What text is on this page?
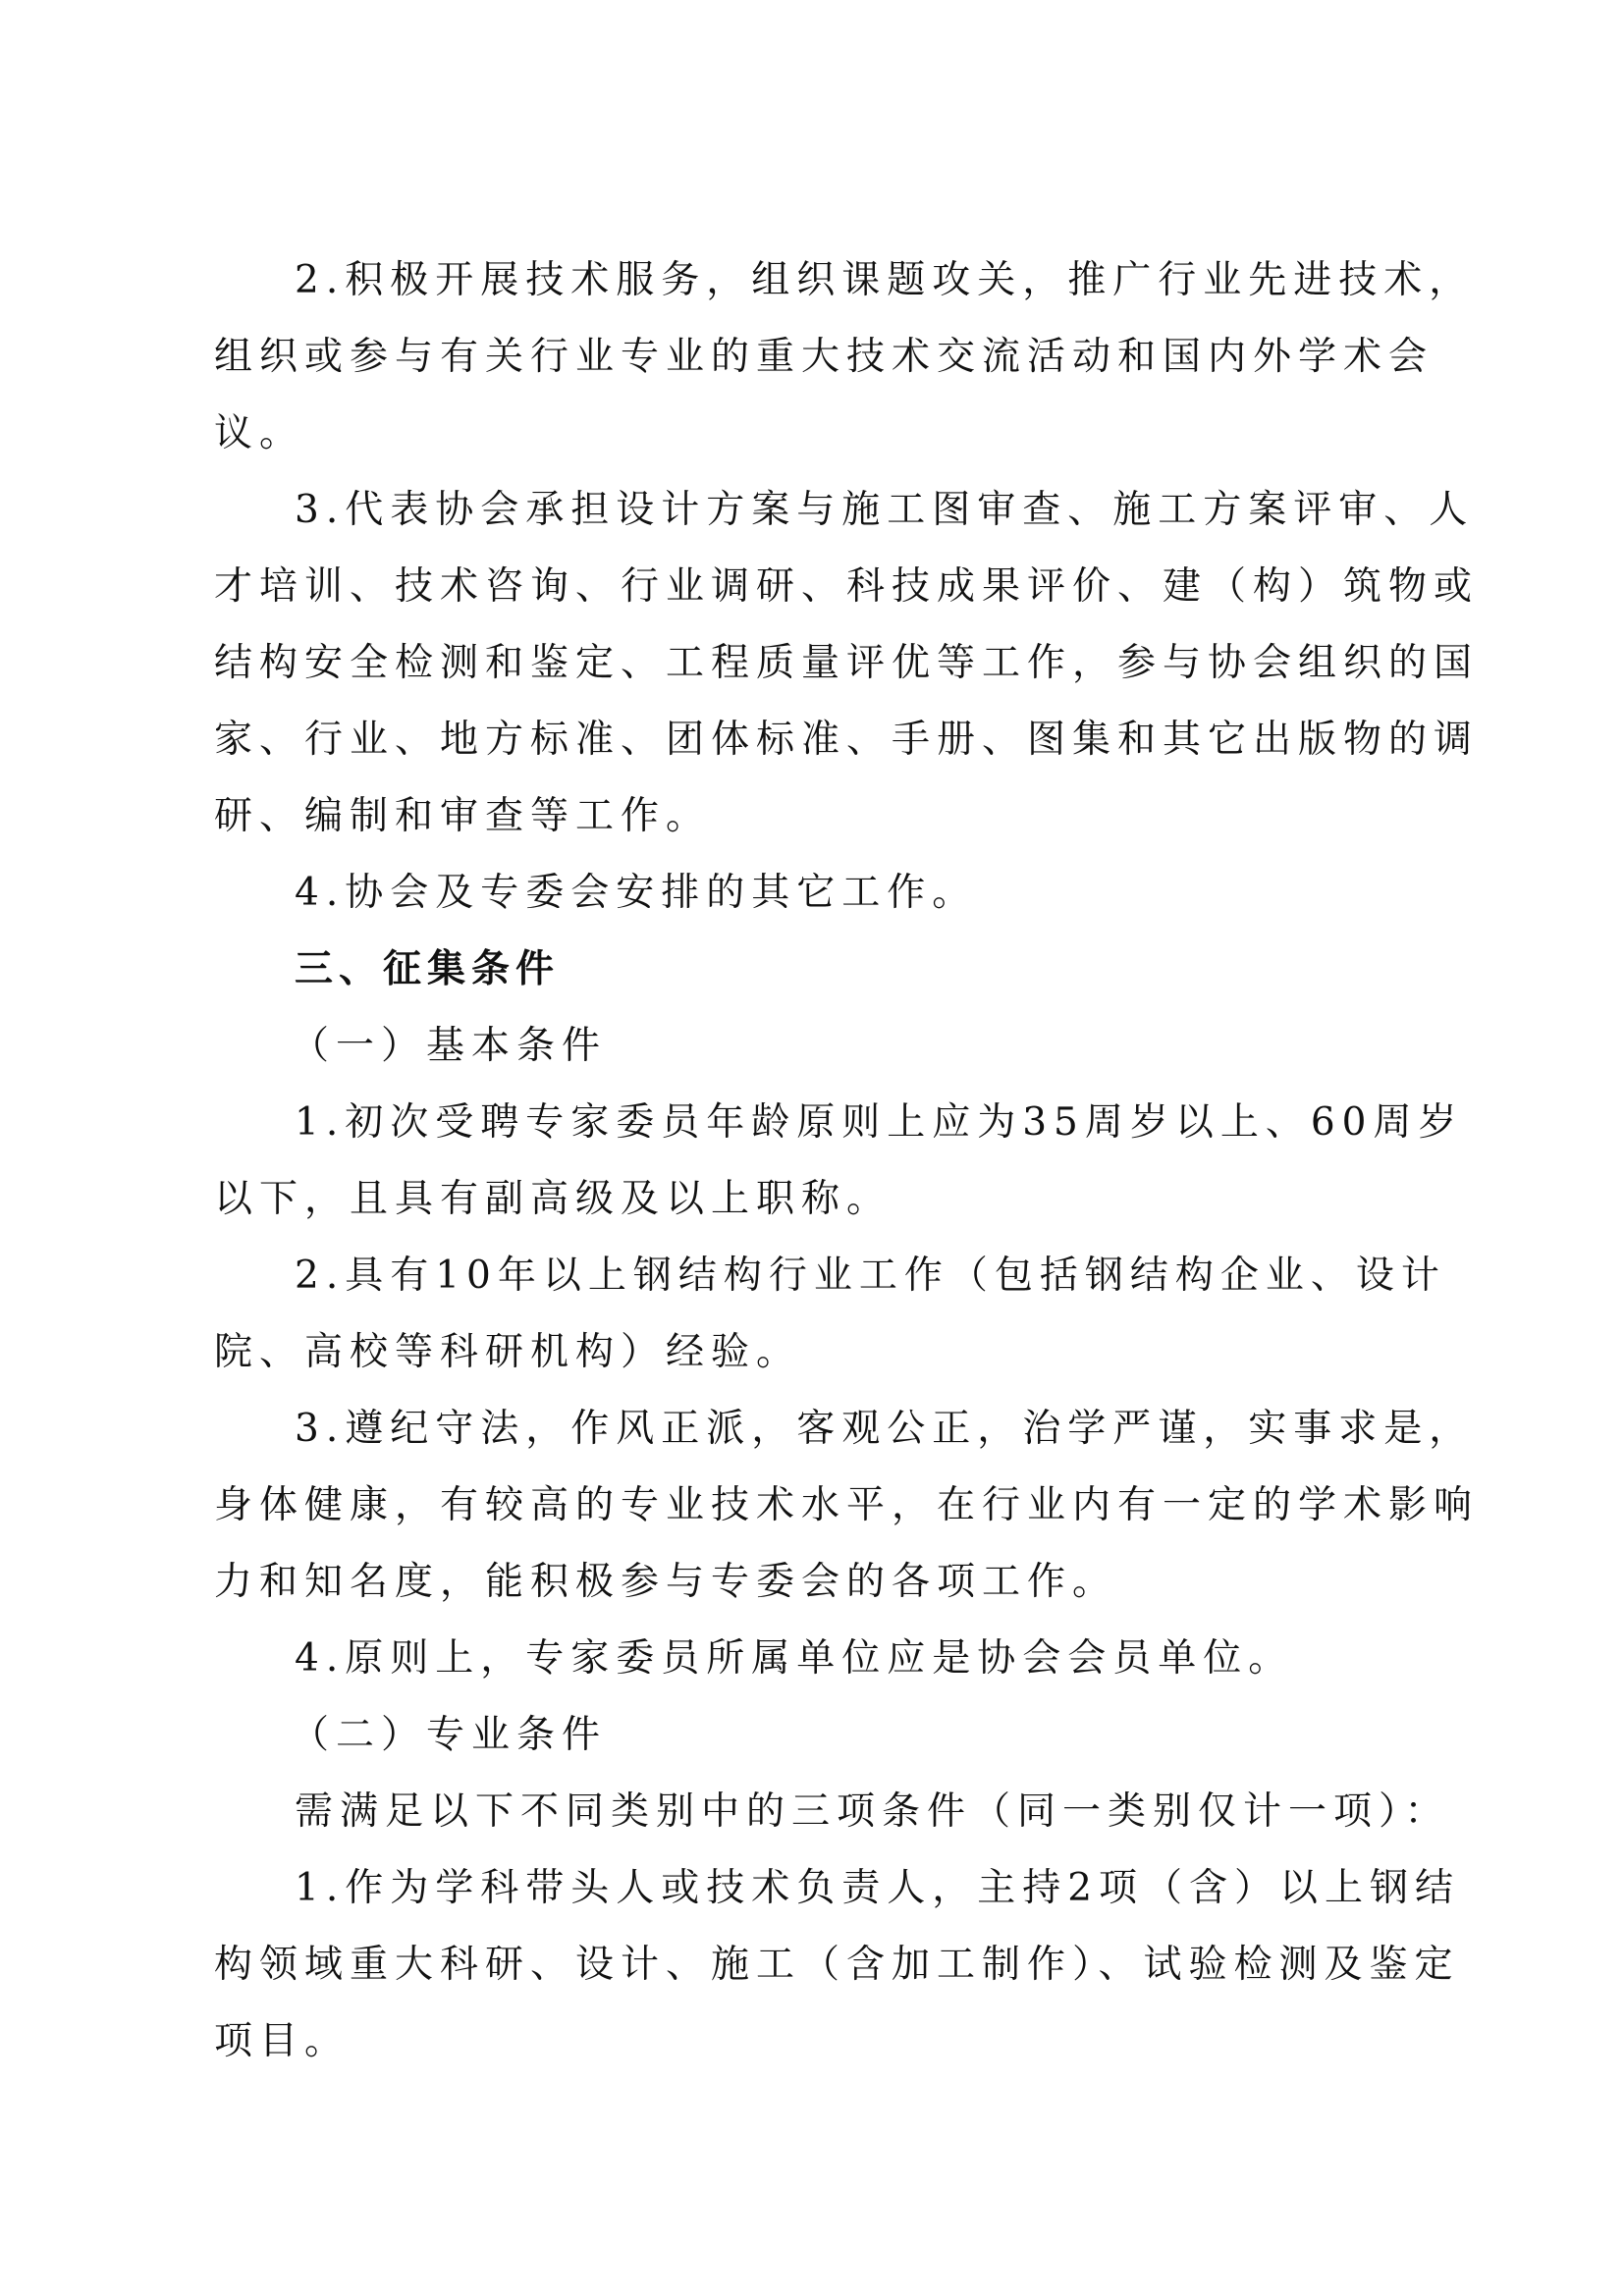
2.积极开展技术服务，组织课题攻关，推广行业先进技术，
组织或参与有关行业专业的重大技术交流活动和国内外学术会
议。
3.代表协会承担设计方案与施工图审查、施工方案评审、人
才培训、技术咨询、行业调研、科技成果评价、建（构）筑物或
结构安全检测和鉴定、工程质量评优等工作，参与协会组织的国
家、行业、地方标准、团体标准、手册、图集和其它出版物的调
研、编制和审查等工作。
4.协会及专委会安排的其它工作。
三、征集条件
（一）基本条件
1.初次受聘专家委员年龄原则上应为35周岁以上、60周岁
以下，且具有副高级及以上职称。
2.具有10年以上钢结构行业工作（包括钢结构企业、设计
院、高校等科研机构）经验。
3.遵纪守法，作风正派，客观公正，治学严谨，实事求是，
身体健康，有较高的专业技术水平，在行业内有一定的学术影响
力和知名度，能积极参与专委会的各项工作。
4.原则上，专家委员所属单位应是协会会员单位。
（二）专业条件
需满足以下不同类别中的三项条件（同一类别仅计一项）：
1.作为学科带头人或技术负责人，主持2项（含）以上钢结
构领域重大科研、设计、施工（含加工制作）、试验检测及鉴定
项目。
